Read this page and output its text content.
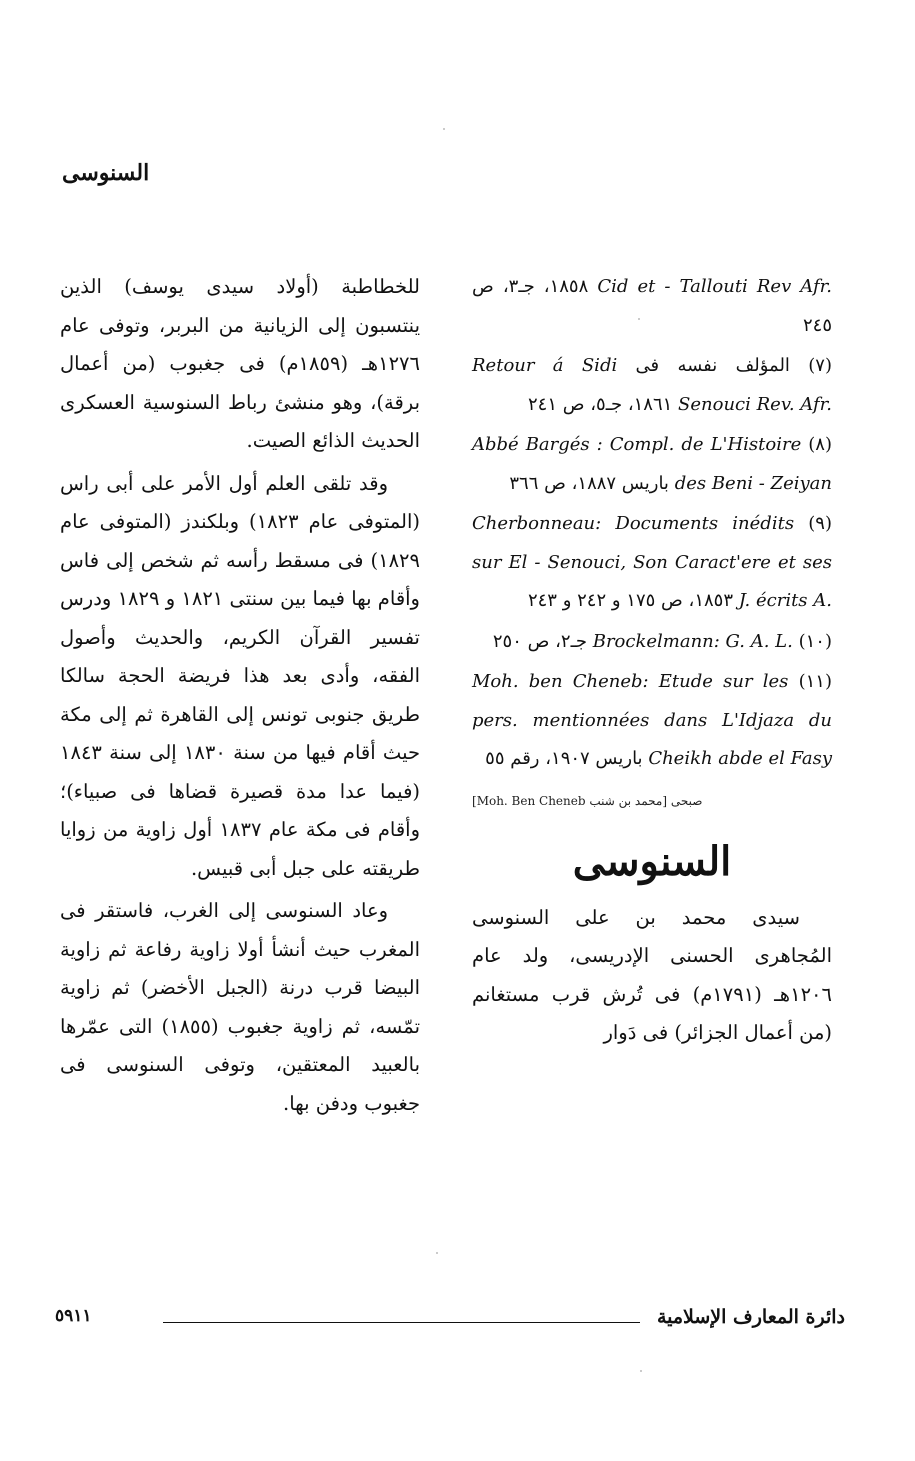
السنوسى
Cid et - Tallouti Rev Afr. ١٨٥٨، جـ٣، ص ٢٤٥
(٧) المؤلف نفسه فى Retour á Sidi Senouci Rev. Afr. ١٨٦١، جـ٥، ص ٢٤١
(٨) Abbé Bargés : Compl. de L'Histoire des Beni - Zeiyan باريس ١٨٨٧، ص ٣٦٦
(٩) Cherbonneau: Documents inédits sur El - Senouci, Son Caract'ere et ses J. écrits A. ١٨٥٣، ص ١٧٥ و ٢٤٢ و ٢٤٣
(١٠) Brockelmann: G. A. L. جـ٢، ص ٢٥٠
(١١) Moh. ben Cheneb: Etude sur les pers. mentionnées dans L'Idjaza du Cheikh abde el Fasy باريس ١٩٠٧، رقم ٥٥
صبحى [محمد بن شنب Moh. Ben Cheneb]
السنوسى

سيدى محمد بن على السنوسى المُجاهرى الحسنى الإدريسى، ولد عام ١٢٠٦هـ (١٧٩١م) فى تُرش قرب مستغانم (من أعمال الجزائر) فى دَوار

للخطاطبة (أولاد سيدى يوسف) الذين ينتسبون إلى الزيانية من البربر، وتوفى عام ١٢٧٦هـ (١٨٥٩م) فى جغبوب (من أعمال برقة)، وهو منشئ رباط السنوسية العسكرى الحديث الذائع الصيت.

وقد تلقى العلم أول الأمر على أبى راس (المتوفى عام ١٨٢٣) وبلكندز (المتوفى عام ١٨٢٩) فى مسقط رأسه ثم شخص إلى فاس وأقام بها فيما بين سنتى ١٨٢١ و ١٨٢٩ ودرس تفسير القرآن الكريم، والحديث وأصول الفقه، وأدى بعد هذا فريضة الحجة سالكا طريق جنوبى تونس إلى القاهرة ثم إلى مكة حيث أقام فيها من سنة ١٨٣٠ إلى سنة ١٨٤٣ (فيما عدا مدة قصيرة قضاها فى صبياء)؛ وأقام فى مكة عام ١٨٣٧ أول زاوية من زوايا طريقته على جبل أبى قبيس.

وعاد السنوسى إلى الغرب، فاستقر فى المغرب حيث أنشأ أولا زاوية رفاعة ثم زاوية البيضا قرب درنة (الجبل الأخضر) ثم زاوية تمّسه، ثم زاوية جغبوب (١٨٥٥) التى عمّرها بالعبيد المعتقين، وتوفى السنوسى فى جغبوب ودفن بها.

دائرة المعارف الإسلامية
٥٩١١
